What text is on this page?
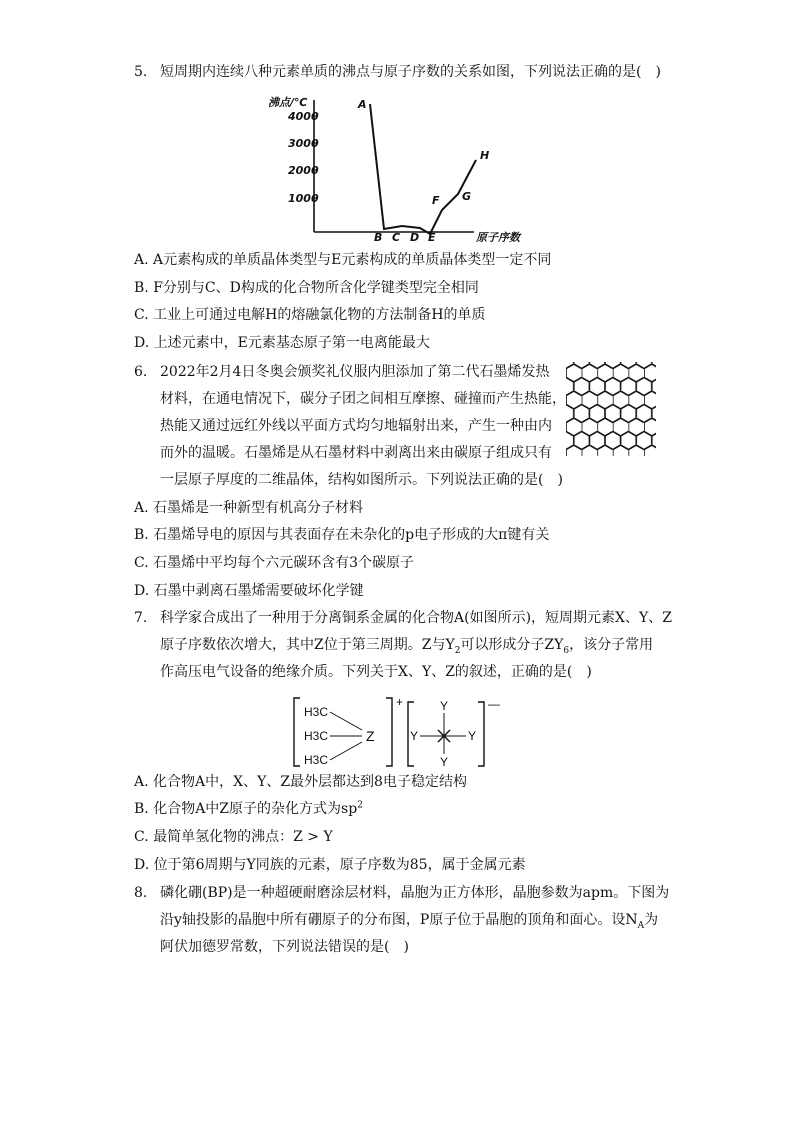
5. 短周期内连续八种元素单质的沸点与原子序数的关系如图，下列说法正确的是(　)
沸点/℃
4000
3000
2000
1000
原子序数
A
B C D E
F G
H
A. A元素构成的单质晶体类型与E元素构成的单质晶体类型一定不同
B. F分别与C、D构成的化合物所含化学键类型完全相同
C. 工业上可通过电解H的熔融氯化物的方法制备H的单质
D. 上述元素中，E元素基态原子第一电离能最大
6. 2022年2月4日冬奥会颁奖礼仪服内胆添加了第二代石墨烯发热
材料，在通电情况下，碳分子团之间相互摩擦、碰撞而产生热能，
热能又通过远红外线以平面方式均匀地辐射出来，产生一种由内
而外的温暖。石墨烯是从石墨材料中剥离出来由碳原子组成只有
一层原子厚度的二维晶体，结构如图所示。下列说法正确的是(　)
A. 石墨烯是一种新型有机高分子材料
B. 石墨烯导电的原因与其表面存在未杂化的p电子形成的大π键有关
C. 石墨烯中平均每个六元碳环含有3个碳原子
D. 石墨中剥离石墨烯需要破坏化学键
7. 科学家合成出了一种用于分离铜系金属的化合物A(如图所示)，短周期元素X、Y、Z
原子序数依次增大，其中Z位于第三周期。Z与$Y_2$可以形成分子$ZY_6$，该分子常用
作高压电气设备的绝缘介质。下列关于X、Y、Z的叙述，正确的是(　)
H3C
H3C
H3C
Z
+	Y
Y	Y
Y
—
A. 化合物A中，X、Y、Z最外层都达到8电子稳定结构
B. 化合物A中Z原子的杂化方式为$sp^2$
C. 最简单氢化物的沸点：Z > Y
D. 位于第6周期与Y同族的元素，原子序数为85，属于金属元素
8. 磷化硼(BP)是一种超硬耐磨涂层材料，晶胞为正方体形，晶胞参数为apm。下图为
沿y轴投影的晶胞中所有硼原子的分布图，P原子位于晶胞的顶角和面心。设$N_A$为
阿伏加德罗常数，下列说法错误的是(　)
